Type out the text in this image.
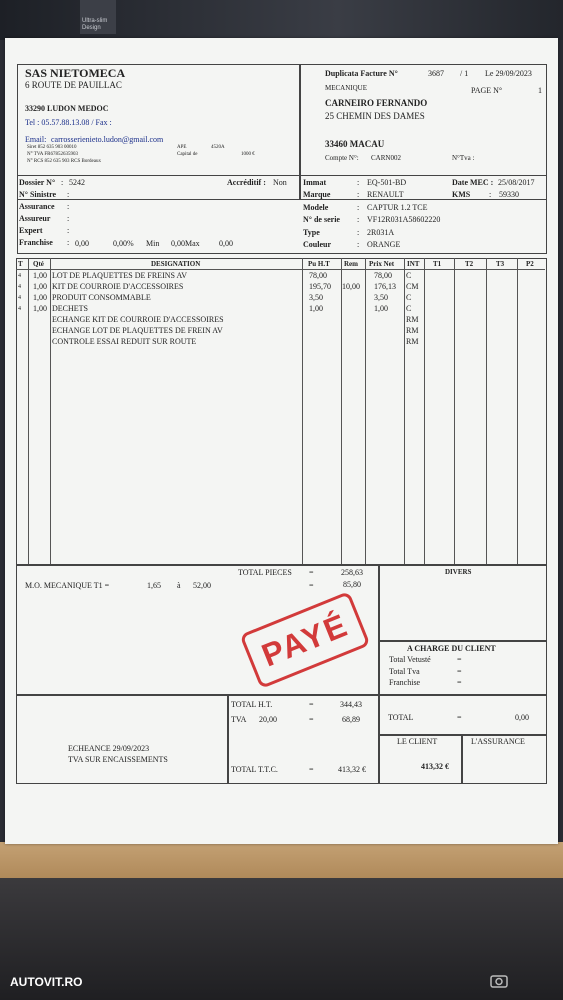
Ultra-slim
Design
SAS NIETOMECA
6 ROUTE DE PAUILLAC
33290 LUDON MEDOC
Tel : 05.57.88.13.08 / Fax :
Email: carrosserienieto.ludon@gmail.com
Siret 852 635 903 00010
N° TVA FR67852635903
N° RCS 852 635 903 RCS Bordeaux
APE	4520A
Capital de	1000 €
Duplicata Facture N°	3687 / 1 Le 29/09/2023
MECANIQUE	PAGE N°	1
CARNEIRO FERNANDO
25 CHEMIN DES DAMES
33460 MACAU
Compte N°: CARN002	N°Tva :
Dossier N° : 5242	Accréditif : Non
N° Sinistre :
Assurance :
Assureur :
Expert	:
Franchise : 0,00	0,00% Min 0,00Max 0,00
Immat	: EQ-501-BD
Marque	: RENAULT
Modele	: CAPTUR 1.2 TCE
N° de serie : VF12R031A58602220
Type	: 2R031A
Couleur	: ORANGE
Date MEC : 25/08/2017
KMS : 59330
T Qté	DESIGNATION	Pu H.T Rem Prix Net INT T1	T2	T3	P2
4 1,00 LOT DE PLAQUETTES DE FREINS AV	78,00	78,00 C
4 1,00 KIT DE COURROIE D'ACCESSOIRES	195,70 10,00 176,13 CM
4 1,00 PRODUIT CONSOMMABLE	3,50	3,50 C
4 1,00 DECHETS	1,00	1,00 C
ECHANGE KIT DE COURROIE D'ACCESSOIRES	RM
ECHANGE LOT DE PLAQUETTES DE FREIN AV	RM
CONTROLE ESSAI REDUIT SUR ROUTE	RM
TOTAL PIECES =	258,63
M.O. MECANIQUE T1 =	1,65 à 52,00	=	85,80
DIVERS
A CHARGE DU CLIENT
Total Vetusté	=
Total Tva	=
Franchise	=
TOTAL H.T.	=	344,43
TVA 20,00	=	68,89
TOTAL T.T.C.	=	413,32 €
TOTAL	=	0,00
LE CLIENT	L'ASSURANCE
413,32 €
ECHEANCE 29/09/2023
TVA SUR ENCAISSEMENTS
PAYÉ
AUTOVIT.RO
